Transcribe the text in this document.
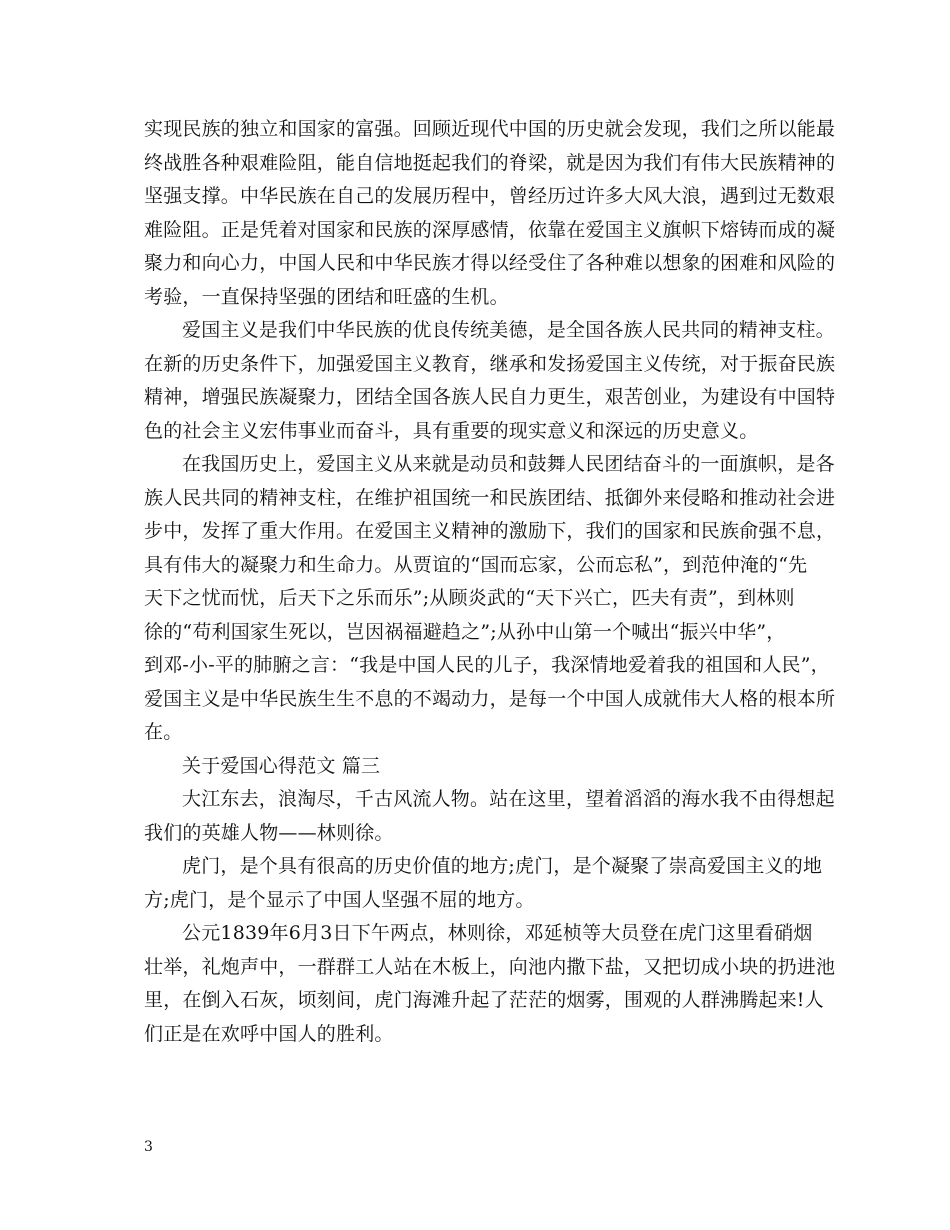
实现民族的独立和国家的富强。回顾近现代中国的历史就会发现，我们之所以能最
终战胜各种艰难险阻，能自信地挺起我们的脊梁，就是因为我们有伟大民族精神的
坚强支撑。中华民族在自己的发展历程中，曾经历过许多大风大浪，遇到过无数艰
难险阻。正是凭着对国家和民族的深厚感情，依靠在爱国主义旗帜下熔铸而成的凝
聚力和向心力，中国人民和中华民族才得以经受住了各种难以想象的困难和风险的
考验，一直保持坚强的团结和旺盛的生机。
爱国主义是我们中华民族的优良传统美德，是全国各族人民共同的精神支柱。
在新的历史条件下，加强爱国主义教育，继承和发扬爱国主义传统，对于振奋民族
精神，增强民族凝聚力，团结全国各族人民自力更生，艰苦创业，为建设有中国特
色的社会主义宏伟事业而奋斗，具有重要的现实意义和深远的历史意义。
在我国历史上，爱国主义从来就是动员和鼓舞人民团结奋斗的一面旗帜，是各
族人民共同的精神支柱，在维护祖国统一和民族团结、抵御外来侵略和推动社会进
步中，发挥了重大作用。在爱国主义精神的激励下，我们的国家和民族俞强不息，
具有伟大的凝聚力和生命力。从贾谊的“国而忘家，公而忘私”，到范仲淹的“先
天下之忧而忧，后天下之乐而乐”;从顾炎武的“天下兴亡，匹夫有责”，到林则
徐的“苟利国家生死以，岂因祸福避趋之”;从孙中山第一个喊出“振兴中华”，
到邓-小-平的肺腑之言：“我是中国人民的儿子，我深情地爱着我的祖国和人民”，
爱国主义是中华民族生生不息的不竭动力，是每一个中国人成就伟大人格的根本所
在。
关于爱国心得范文 篇三
大江东去，浪淘尽，千古风流人物。站在这里，望着滔滔的海水我不由得想起
我们的英雄人物——林则徐。
虎门，是个具有很高的历史价值的地方;虎门，是个凝聚了崇高爱国主义的地
方;虎门，是个显示了中国人坚强不屈的地方。
公元1839年6月3日下午两点，林则徐，邓延桢等大员登在虎门这里看硝烟
壮举，礼炮声中，一群群工人站在木板上，向池内撒下盐，又把切成小块的扔进池
里，在倒入石灰，顷刻间，虎门海滩升起了茫茫的烟雾，围观的人群沸腾起来!人
们正是在欢呼中国人的胜利。
3
